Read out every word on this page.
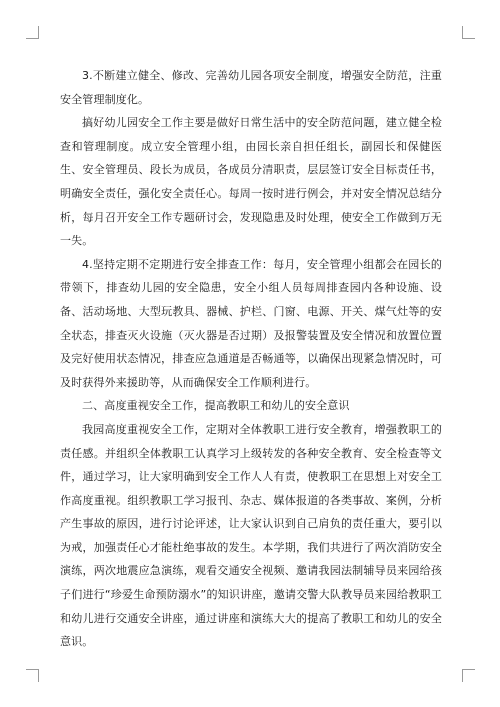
3.不断建立健全、修改、完善幼儿园各项安全制度，增强安全防范，注重安全管理制度化。

搞好幼儿园安全工作主要是做好日常生活中的安全防范问题，建立健全检查和管理制度。成立安全管理小组，由园长亲自担任组长，副园长和保健医生、安全管理员、段长为成员，各成员分清职责，层层签订安全目标责任书，明确安全责任，强化安全责任心。每周一按时进行例会，并对安全情况总结分析，每月召开安全工作专题研讨会，发现隐患及时处理，使安全工作做到万无一失。

4.坚持定期不定期进行安全排查工作：每月，安全管理小组都会在园长的带领下，排查幼儿园的安全隐患，安全小组人员每周排查园内各种设施、设备、活动场地、大型玩教具、器械、护栏、门窗、电源、开关、煤气灶等的安全状态，排查灭火设施（灭火器是否过期）及报警装置及安全情况和放置位置及完好使用状态情况，排查应急通道是否畅通等，以确保出现紧急情况时，可及时获得外来援助等，从而确保安全工作顺利进行。

二、高度重视安全工作，提高教职工和幼儿的安全意识

我园高度重视安全工作，定期对全体教职工进行安全教育，增强教职工的责任感。并组织全体教职工认真学习上级转发的各种安全教育、安全检查等文件，通过学习，让大家明确到安全工作人人有责，使教职工在思想上对安全工作高度重视。组织教职工学习报刊、杂志、媒体报道的各类事故、案例，分析产生事故的原因，进行讨论评述，让大家认识到自己肩负的责任重大，要引以为戒，加强责任心才能杜绝事故的发生。本学期，我们共进行了两次消防安全演练，两次地震应急演练，观看交通安全视频、邀请我园法制辅导员来园给孩子们进行“珍爱生命预防溺水”的知识讲座，邀请交警大队教导员来园给教职工和幼儿进行交通安全讲座，通过讲座和演练大大的提高了教职工和幼儿的安全意识。
